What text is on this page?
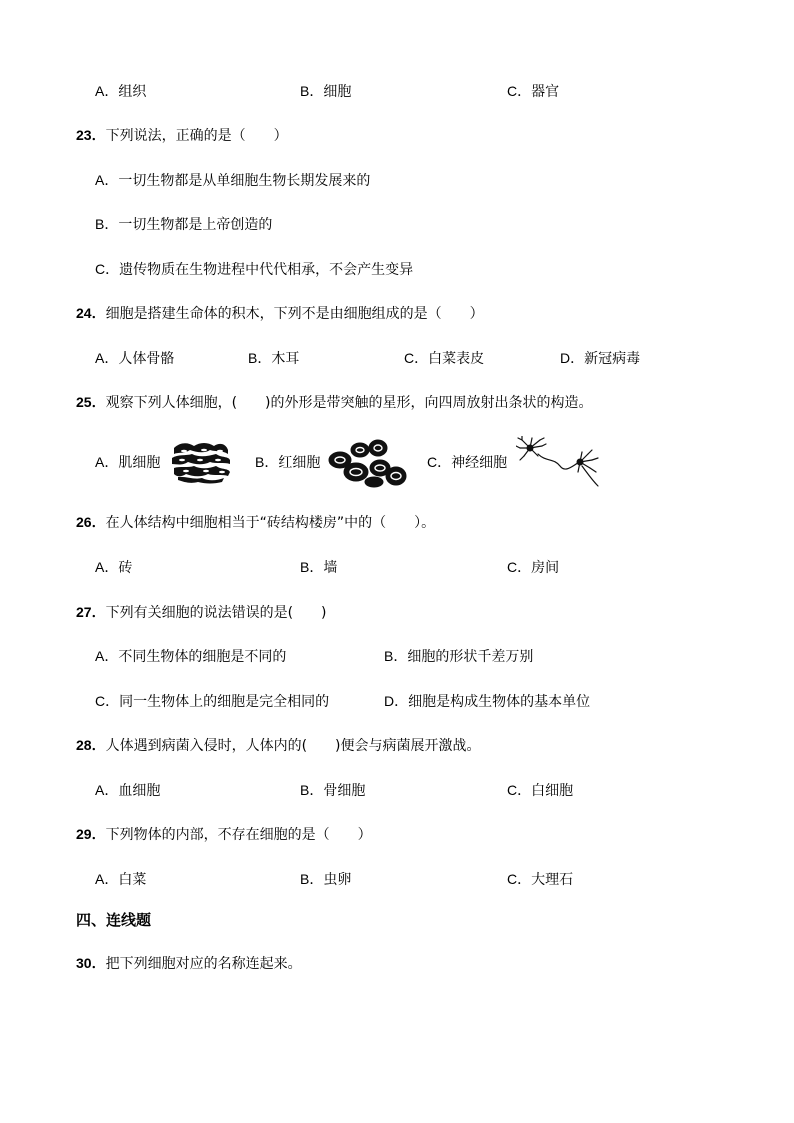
A．组织	B．细胞	C．器官
23．下列说法，正确的是（　　）
A．一切生物都是从单细胞生物长期发展来的
B．一切生物都是上帝创造的
C．遗传物质在生物进程中代代相承，不会产生变异
24．细胞是搭建生命体的积木，下列不是由细胞组成的是（　　）
A．人体骨骼	B．木耳	C．白菜表皮	D．新冠病毒
25．观察下列人体细胞，(　　)的外形是带突触的星形，向四周放射出条状的构造。
A．肌细胞	B．红细胞	C．神经细胞
26．在人体结构中细胞相当于“砖结构楼房”中的（　　）。
A．砖	B．墙	C．房间
27．下列有关细胞的说法错误的是(　　)
A．不同生物体的细胞是不同的	B．细胞的形状千差万别
C．同一生物体上的细胞是完全相同的	D．细胞是构成生物体的基本单位
28．人体遇到病菌入侵时，人体内的(　　)便会与病菌展开激战。
A．血细胞	B．骨细胞	C．白细胞
29．下列物体的内部，不存在细胞的是（　　）
A．白菜	B．虫卵	C．大理石
四、连线题
30．把下列细胞对应的名称连起来。
